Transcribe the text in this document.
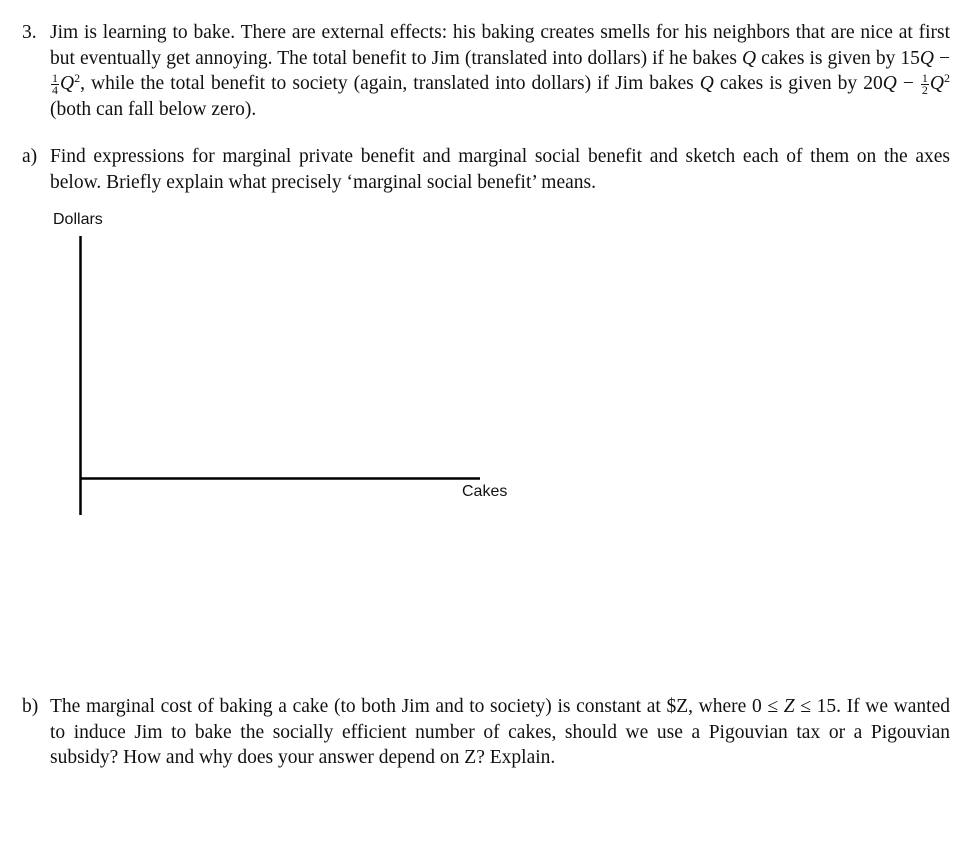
3. Jim is learning to bake. There are external effects: his baking creates smells for his neighbors that are nice at first but eventually get annoying. The total benefit to Jim (translated into dollars) if he bakes Q cakes is given by 15Q −
$\frac{1}{4} Q^2$, while the total benefit to society (again, translated into dollars) if Jim bakes Q cakes is given by $20Q - \frac{1}{2} Q^2$ (both can fall below zero).
a) Find expressions for marginal private benefit and marginal social benefit and sketch each of them on the axes below. Briefly explain what precisely ‘marginal social benefit’ means.
Dollars
Cakes
b) The marginal cost of baking a cake (to both Jim and to society) is constant at $Z, where 0 ≤ Z ≤ 15. If we wanted to induce Jim to bake the socially efficient number of cakes, should we use a Pigouvian tax or a Pigouvian subsidy? How and why does your answer depend on Z? Explain.
